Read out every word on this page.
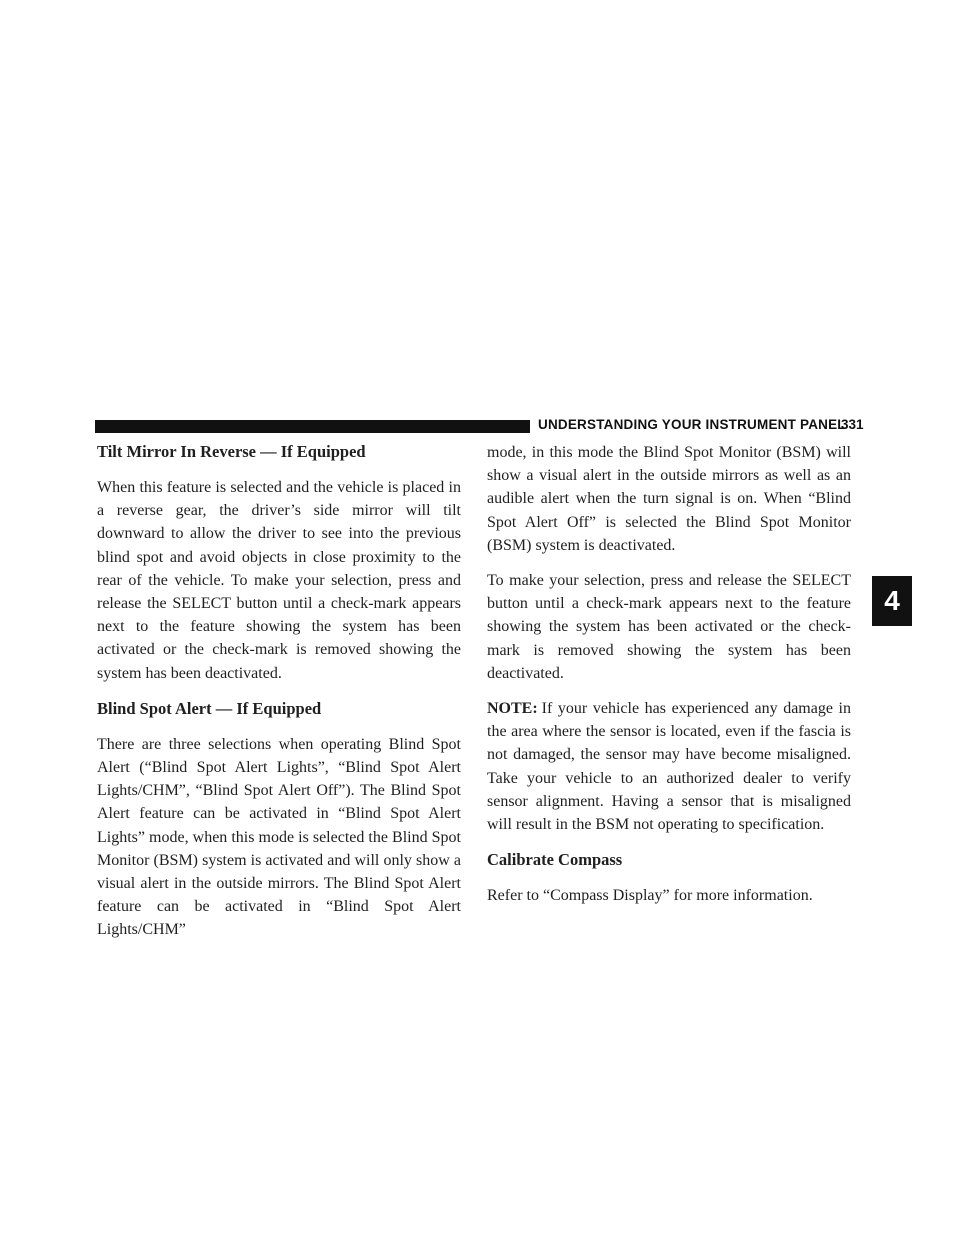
UNDERSTANDING YOUR INSTRUMENT PANEL
331
4
Tilt Mirror In Reverse — If Equipped

When this feature is selected and the vehicle is placed in a reverse gear, the driver’s side mirror will tilt downward to allow the driver to see into the previous blind spot and avoid objects in close proximity to the rear of the vehicle. To make your selection, press and release the SELECT button until a check-mark appears next to the feature showing the system has been activated or the check-mark is removed showing the system has been deactivated.

Blind Spot Alert — If Equipped

There are three selections when operating Blind Spot Alert (“Blind Spot Alert Lights”, “Blind Spot Alert Lights/CHM”, “Blind Spot Alert Off”). The Blind Spot Alert feature can be activated in “Blind Spot Alert Lights” mode, when this mode is selected the Blind Spot Monitor (BSM) system is activated and will only show a visual alert in the outside mirrors. The Blind Spot Alert feature can be activated in “Blind Spot Alert Lights/CHM”

mode, in this mode the Blind Spot Monitor (BSM) will show a visual alert in the outside mirrors as well as an audible alert when the turn signal is on. When “Blind Spot Alert Off” is selected the Blind Spot Monitor (BSM) system is deactivated.

To make your selection, press and release the SELECT button until a check-mark appears next to the feature showing the system has been activated or the check-mark is removed showing the system has been deactivated.

NOTE: If your vehicle has experienced any damage in the area where the sensor is located, even if the fascia is not damaged, the sensor may have become misaligned. Take your vehicle to an authorized dealer to verify sensor alignment. Having a sensor that is misaligned will result in the BSM not operating to specification.

Calibrate Compass

Refer to “Compass Display” for more information.
